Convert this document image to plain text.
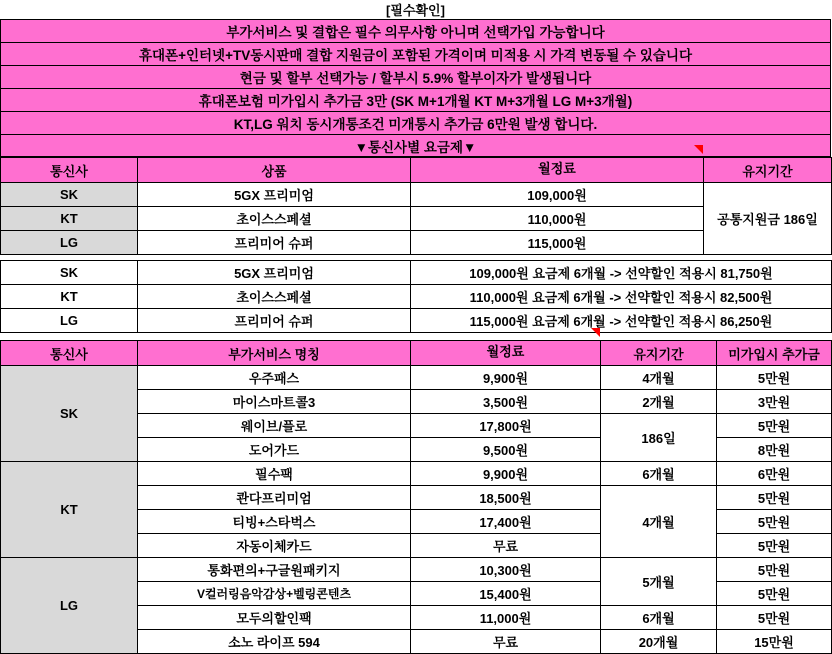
[필수확인]
부가서비스 및 결합은 필수 의무사항 아니며 선택가입 가능합니다
휴대폰+인터넷+TV동시판매 결합 지원금이 포함된 가격이며 미적용 시 가격 변동될 수 있습니다
현금 및 할부 선택가능 / 할부시 5.9% 할부이자가 발생됩니다
휴대폰보험 미가입시 추가금 3만 (SK M+1개월 KT M+3개월 LG M+3개월)
KT,LG 워치 동시개통조건 미개통시 추가금 6만원 발생 합니다.
▼통신사별 요금제▼
통신사	상품	월정료	유지기간
SK	5GX 프리미엄	109,000원	공통지원금 186일
KT	초이스스페셜	110,000원	
LG	프리미어 슈퍼	115,000원	
SK	5GX 프리미엄	109,000원 요금제 6개월 -> 선약할인 적용시 81,750원
KT	초이스스페셜	110,000원 요금제 6개월 -> 선약할인 적용시 82,500원
LG	프리미어 슈퍼	115,000원 요금제 6개월 -> 선약할인 적용시 86,250원
통신사	부가서비스 명칭	월정료	유지기간	미가입시 추가금
SK	우주패스	9,900원	4개월	5만원
	마이스마트콜3	3,500원	2개월	3만원
	웨이브/플로	17,800원	186일	5만원
	도어가드	9,500원		8만원
KT	필수팩	9,900원	6개월	6만원
	콴다프리미엄	18,500원	4개월	5만원
	티빙+스타벅스	17,400원		5만원
	자동이체카드	무료		5만원
LG	통화편의+구글원패키지	10,300원	5개월	5만원
	V컬러링음악감상+벨링콘텐츠	15,400원		5만원
	모두의할인팩	11,000원	6개월	5만원
	소노 라이프 594	무료	20개월	15만원
